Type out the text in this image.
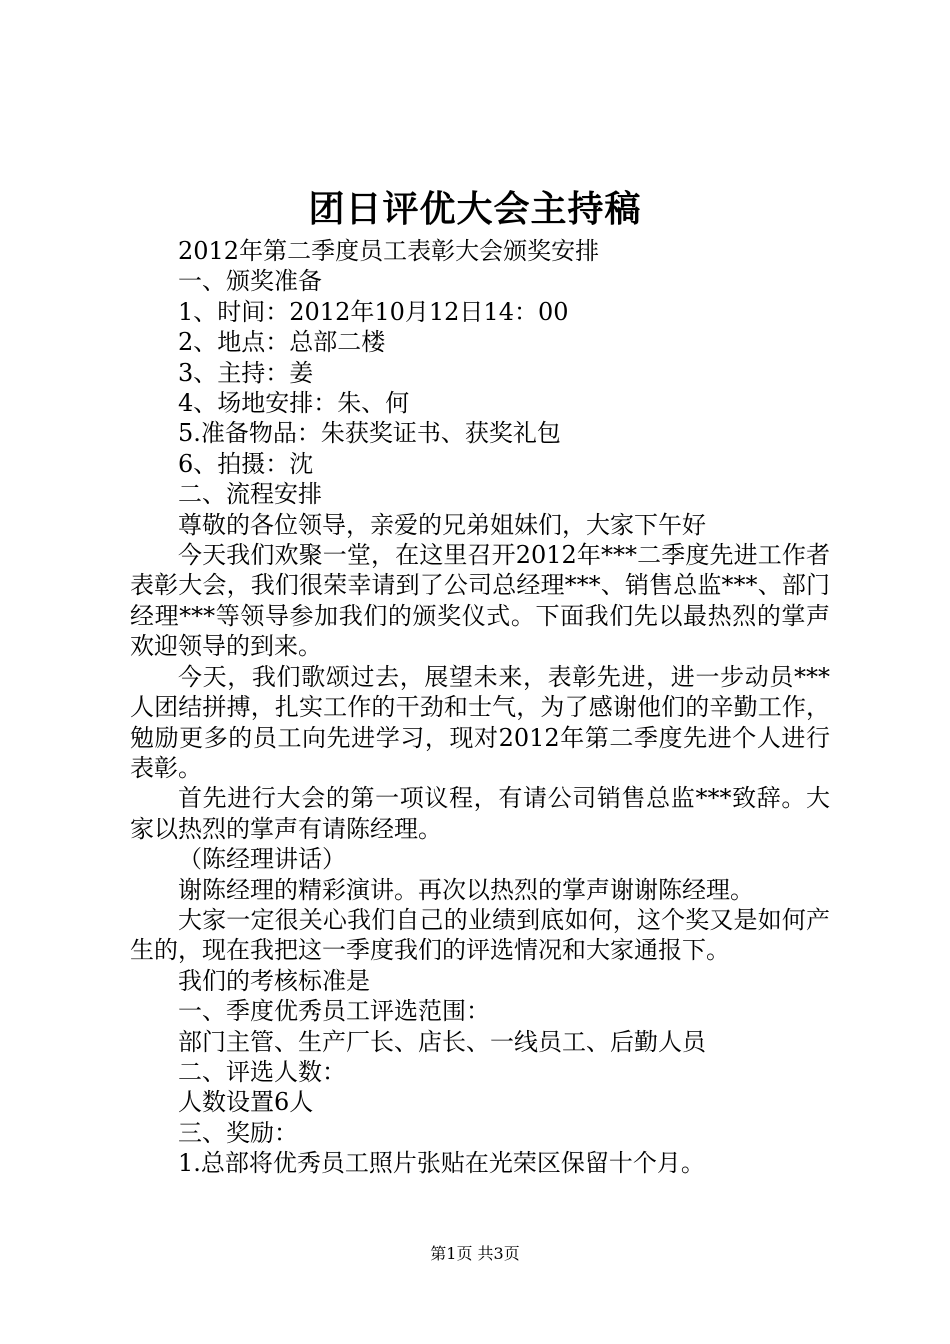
团日评优大会主持稿

2012年第二季度员工表彰大会颁奖安排

一、颁奖准备

1、时间：2012年10月12日14：00

2、地点：总部二楼

3、主持：姜

4、场地安排：朱、何

5.准备物品：朱获奖证书、获奖礼包

6、拍摄：沈

二、流程安排

尊敬的各位领导，亲爱的兄弟姐妹们，大家下午好

今天我们欢聚一堂，在这里召开2012年***二季度先进工作者表彰大会，我们很荣幸请到了公司总经理***、销售总监***、部门经理***等领导参加我们的颁奖仪式。下面我们先以最热烈的掌声欢迎领导的到来。

今天，我们歌颂过去，展望未来，表彰先进，进一步动员***人团结拼搏，扎实工作的干劲和士气，为了感谢他们的辛勤工作，勉励更多的员工向先进学习，现对2012年第二季度先进个人进行表彰。

首先进行大会的第一项议程，有请公司销售总监***致辞。大家以热烈的掌声有请陈经理。

（陈经理讲话）

谢陈经理的精彩演讲。再次以热烈的掌声谢谢陈经理。

大家一定很关心我们自己的业绩到底如何，这个奖又是如何产生的，现在我把这一季度我们的评选情况和大家通报下。

我们的考核标准是

一、季度优秀员工评选范围：

部门主管、生产厂长、店长、一线员工、后勤人员

二、评选人数：

人数设置6人

三、奖励：

1.总部将优秀员工照片张贴在光荣区保留十个月。

第1页 共3页
